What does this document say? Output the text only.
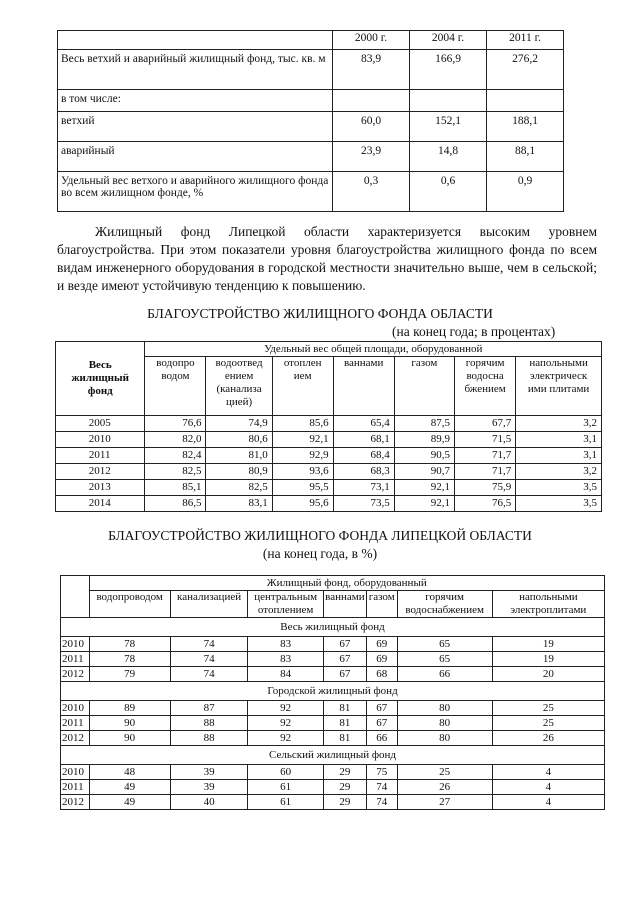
	2000 г.	2004 г.	2011 г.
Весь ветхий и аварийный жилищный фонд, тыс. кв. м	83,9	166,9	276,2
в том числе:			
ветхий	60,0	152,1	188,1
аварийный	23,9	14,8	88,1
Удельный вес ветхого и аварийного жилищного фонда во всем жилищном фонде, %	0,3	0,6	0,9

Жилищный фонд Липецкой области характеризуется высоким уровнем благоустройства. При этом показатели уровня благоустройства жилищного фонда по всем видам инженерного оборудования в городской местности значительно выше, чем в сельской; и везде имеют устойчивую тенденцию к повышению.

БЛАГОУСТРОЙСТВО ЖИЛИЩНОГО ФОНДА ОБЛАСТИ
(на конец года; в процентах)
Весь жилищный фонд	Удельный вес общей площади, оборудованной						
	водопро водом	водоотвед ением (канализа цией)	отоплен ием	ваннами	газом	горячим водосна бжением	напольными электрическ ими плитами
2005	76,6	74,9	85,6	65,4	87,5	67,7	3,2
2010	82,0	80,6	92,1	68,1	89,9	71,5	3,1
2011	82,4	81,0	92,9	68,4	90,5	71,7	3,1
2012	82,5	80,9	93,6	68,3	90,7	71,7	3,2
2013	85,1	82,5	95,5	73,1	92,1	75,9	3,5
2014	86,5	83,1	95,6	73,5	92,1	76,5	3,5
БЛАГОУСТРОЙСТВО ЖИЛИЩНОГО ФОНДА ЛИПЕЦКОЙ ОБЛАСТИ
(на конец года, в %)
	Жилищный фонд, оборудованный						
	водопроводом	канализацией	центральным отоплением	ваннами	газом	горячим водоснабжением	напольными электроплитами
Весь жилищный фонд							
2010	78	74	83	67	69	65	19
2011	78	74	83	67	69	65	19
2012	79	74	84	67	68	66	20
Городской жилищный фонд							
2010	89	87	92	81	67	80	25
2011	90	88	92	81	67	80	25
2012	90	88	92	81	66	80	26
Сельский жилищный фонд							
2010	48	39	60	29	75	25	4
2011	49	39	61	29	74	26	4
2012	49	40	61	29	74	27	4
